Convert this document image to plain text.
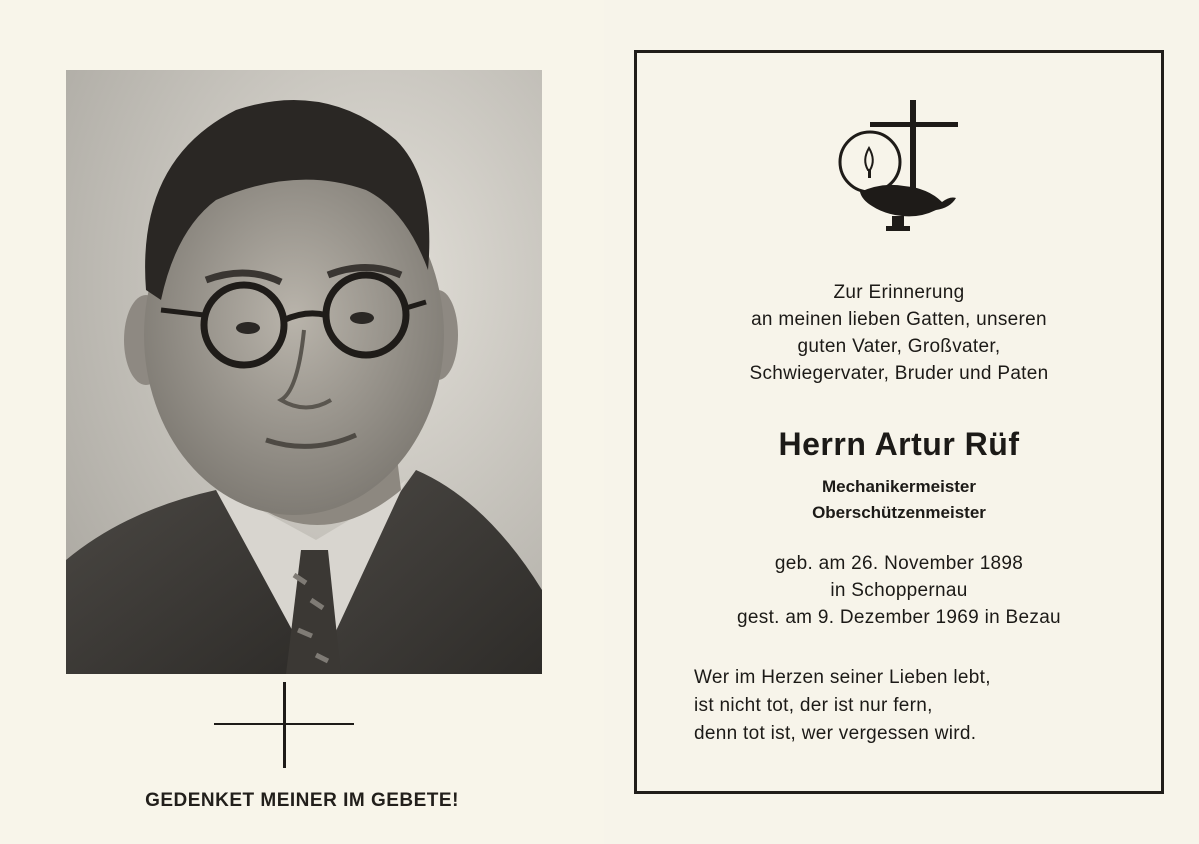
GEDENKET MEINER IM GEBETE!
Zur Erinnerung
an meinen lieben Gatten, unseren
guten Vater, Großvater,
Schwiegervater, Bruder und Paten
Herrn Artur Rüf
Mechanikermeister
Oberschützenmeister
geb. am 26. November 1898
in Schoppernau
gest. am 9. Dezember 1969 in Bezau
Wer im Herzen seiner Lieben lebt,
ist nicht tot, der ist nur fern,
denn tot ist, wer vergessen wird.
